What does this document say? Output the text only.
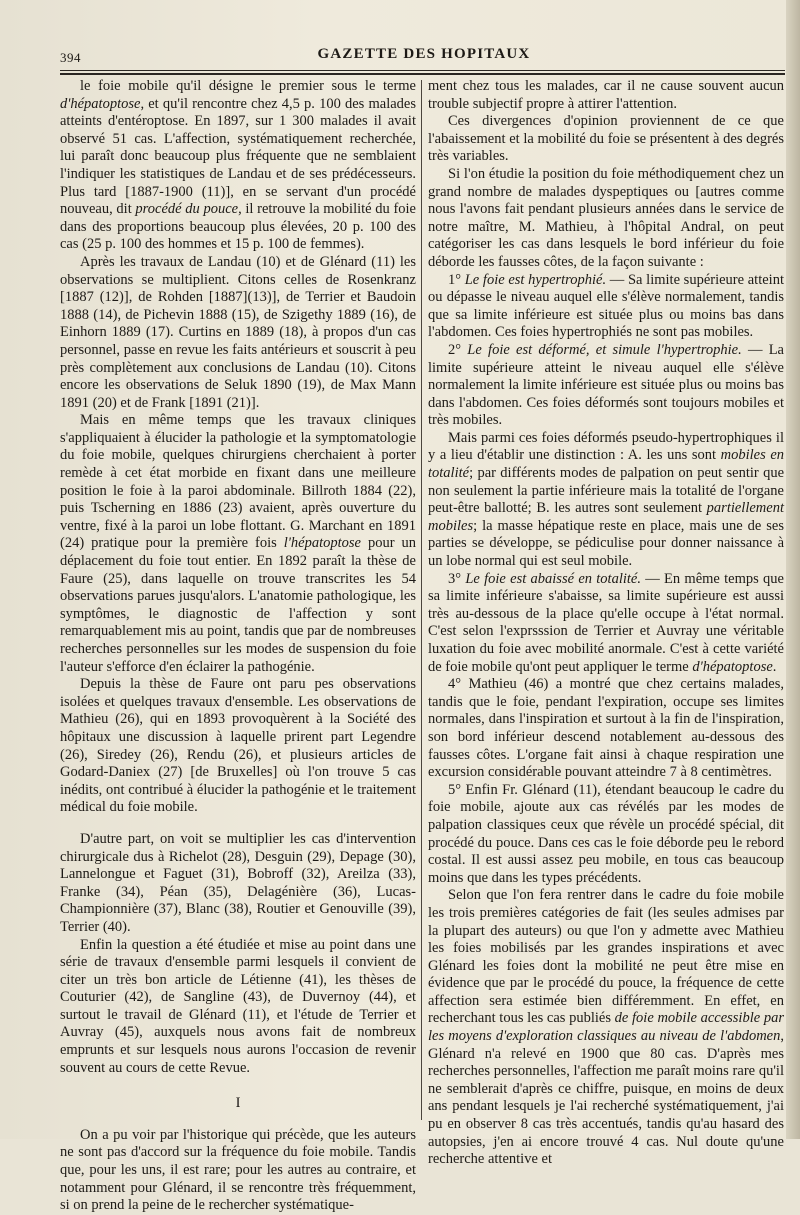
394	GAZETTE DES HOPITAUX

le foie mobile qu'il désigne le premier sous le terme d'hépatoptose, et qu'il rencontre chez 4,5 p. 100 des malades atteints d'entéroptose. En 1897, sur 1 300 malades il avait observé 51 cas. L'affection, systématiquement recherchée, lui paraît donc beaucoup plus fréquente que ne semblaient l'indiquer les statistiques de Landau et de ses prédécesseurs. Plus tard [1887-1900 (11)], en se servant d'un procédé nouveau, dit procédé du pouce, il retrouve la mobilité du foie dans des proportions beaucoup plus élevées, 20 p. 100 des cas (25 p. 100 des hommes et 15 p. 100 de femmes).

Après les travaux de Landau (10) et de Glénard (11) les observations se multiplient. Citons celles de Rosenkranz [1887 (12)], de Rohden [1887](13)], de Terrier et Baudoin 1888 (14), de Pichevin 1888 (15), de Szigethy 1889 (16), de Einhorn 1889 (17). Curtins en 1889 (18), à propos d'un cas personnel, passe en revue les faits antérieurs et souscrit à peu près complètement aux conclusions de Landau (10). Citons encore les observations de Seluk 1890 (19), de Max Mann 1891 (20) et de Frank [1891 (21)].

Mais en même temps que les travaux cliniques s'appliquaient à élucider la pathologie et la symptomatologie du foie mobile, quelques chirurgiens cherchaient à porter remède à cet état morbide en fixant dans une meilleure position le foie à la paroi abdominale. Billroth 1884 (22), puis Tscherning en 1886 (23) avaient, après ouverture du ventre, fixé à la paroi un lobe flottant. G. Marchant en 1891 (24) pratique pour la première fois l'hépatoptose pour un déplacement du foie tout entier. En 1892 paraît la thèse de Faure (25), dans laquelle on trouve transcrites les 54 observations parues jusqu'alors. L'anatomie pathologique, les symptômes, le diagnostic de l'affection y sont remarquablement mis au point, tandis que par de nombreuses recherches personnelles sur les modes de suspension du foie l'auteur s'efforce d'en éclairer la pathogénie.

Depuis la thèse de Faure ont paru pes observations isolées et quelques travaux d'ensemble. Les observations de Mathieu (26), qui en 1893 provoquèrent à la Société des hôpitaux une discussion à laquelle prirent part Legendre (26), Siredey (26), Rendu (26), et plusieurs articles de Godard-Daniex (27) [de Bruxelles] où l'on trouve 5 cas inédits, ont contribué à élucider la pathogénie et le traitement médical du foie mobile.

D'autre part, on voit se multiplier les cas d'intervention chirurgicale dus à Richelot (28), Desguin (29), Depage (30), Lannelongue et Faguet (31), Bobroff (32), Areilza (33), Franke (34), Péan (35), Delagénière (36), Lucas-Championnière (37), Blanc (38), Routier et Genouville (39), Terrier (40).

Enfin la question a été étudiée et mise au point dans une série de travaux d'ensemble parmi lesquels il convient de citer un très bon article de Létienne (41), les thèses de Couturier (42), de Sangline (43), de Duvernoy (44), et surtout le travail de Glénard (11), et l'étude de Terrier et Auvray (45), auxquels nous avons fait de nombreux emprunts et sur lesquels nous aurons l'occasion de revenir souvent au cours de cette Revue.

I

On a pu voir par l'historique qui précède, que les auteurs ne sont pas d'accord sur la fréquence du foie mobile. Tandis que, pour les uns, il est rare; pour les autres au contraire, et notamment pour Glénard, il se rencontre très fréquemment, si on prend la peine de le rechercher systématique-

ment chez tous les malades, car il ne cause souvent aucun trouble subjectif propre à attirer l'attention.

Ces divergences d'opinion proviennent de ce que l'abaissement et la mobilité du foie se présentent à des degrés très variables.

Si l'on étudie la position du foie méthodiquement chez un grand nombre de malades dyspeptiques ou [autres comme nous l'avons fait pendant plusieurs années dans le service de notre maître, M. Mathieu, à l'hôpital Andral, on peut catégoriser les cas dans lesquels le bord inférieur du foie déborde les fausses côtes, de la façon suivante :

1° Le foie est hypertrophié. — Sa limite supérieure atteint ou dépasse le niveau auquel elle s'élève normalement, tandis que sa limite inférieure est située plus ou moins bas dans l'abdomen. Ces foies hypertrophiés ne sont pas mobiles.

2° Le foie est déformé, et simule l'hypertrophie. — La limite supérieure atteint le niveau auquel elle s'élève normalement la limite inférieure est située plus ou moins bas dans l'abdomen. Ces foies déformés sont toujours mobiles et très mobiles.

Mais parmi ces foies déformés pseudo-hypertrophiques il y a lieu d'établir une distinction : A. les uns sont mobiles en totalité; par différents modes de palpation on peut sentir que non seulement la partie inférieure mais la totalité de l'organe peut-être ballotté; B. les autres sont seulement partiellement mobiles; la masse hépatique reste en place, mais une de ses parties se développe, se pédiculise pour donner naissance à un lobe normal qui est seul mobile.

3° Le foie est abaissé en totalité. — En même temps que sa limite inférieure s'abaisse, sa limite supérieure est aussi très au-dessous de la place qu'elle occupe à l'état normal. C'est selon l'exprsssion de Terrier et Auvray une véritable luxation du foie avec mobilité anormale. C'est à cette variété de foie mobile qu'ont peut appliquer le terme d'hépatoptose.

4° Mathieu (46) a montré que chez certains malades, tandis que le foie, pendant l'expiration, occupe ses limites normales, dans l'inspiration et surtout à la fin de l'inspiration, son bord inférieur descend notablement au-dessous des fausses côtes. L'organe fait ainsi à chaque respiration une excursion considérable pouvant atteindre 7 à 8 centimètres.

5° Enfin Fr. Glénard (11), étendant beaucoup le cadre du foie mobile, ajoute aux cas révélés par les modes de palpation classiques ceux que révèle un procédé spécial, dit procédé du pouce. Dans ces cas le foie déborde peu le rebord costal. Il est aussi assez peu mobile, en tous cas beaucoup moins que dans les types précédents.

Selon que l'on fera rentrer dans le cadre du foie mobile les trois premières catégories de fait (les seules admises par la plupart des auteurs) ou que l'on y admette avec Mathieu les foies mobilisés par les grandes inspirations et avec Glénard les foies dont la mobilité ne peut être mise en évidence que par le procédé du pouce, la fréquence de cette affection sera estimée bien différemment. En effet, en recherchant tous les cas publiés de foie mobile accessible par les moyens d'exploration classiques au niveau de l'abdomen, Glénard n'a relevé en 1900 que 80 cas. D'après mes recherches personnelles, l'affection me paraît moins rare qu'il ne semblerait d'après ce chiffre, puisque, en moins de deux ans pendant lesquels je l'ai recherché systématiquement, j'ai pu en observer 8 cas très accentués, tandis qu'au hasard des autopsies, j'en ai encore trouvé 4 cas. Nul doute qu'une recherche attentive et
